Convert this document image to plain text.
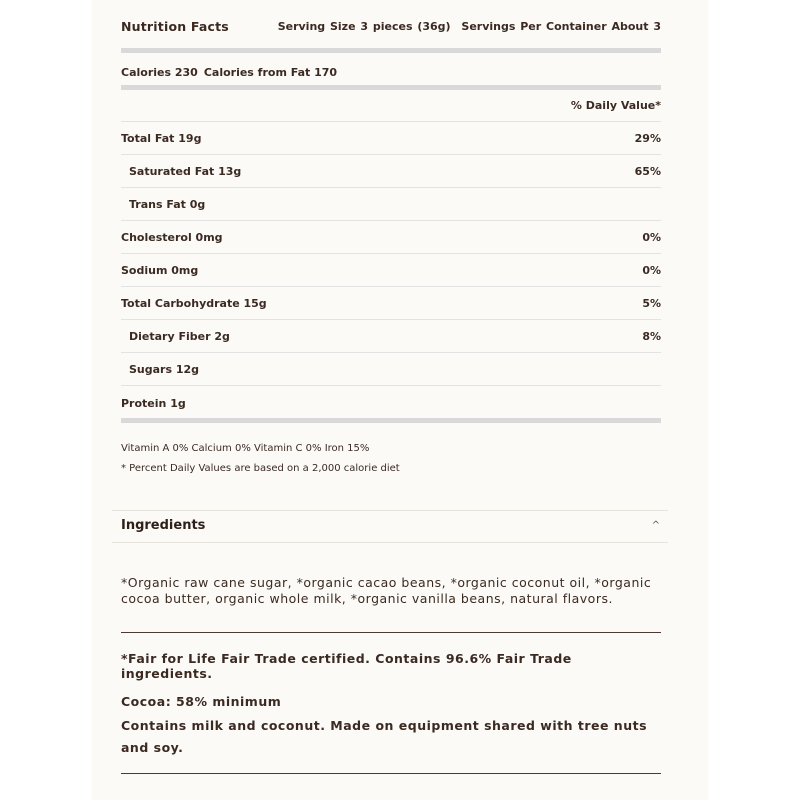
Nutrition Facts	Serving Size 3 pieces (36g) Servings Per Container About 3
Calories 230 Calories from Fat 170
% Daily Value*
Total Fat 19g	29%
Saturated Fat 13g	65%
Trans Fat 0g
Cholesterol 0mg	0%
Sodium 0mg	0%
Total Carbohydrate 15g	5%
Dietary Fiber 2g	8%
Sugars 12g
Protein 1g
Vitamin A 0% Calcium 0% Vitamin C 0% Iron 15%
* Percent Daily Values are based on a 2,000 calorie diet
Ingredients	^
*Organic raw cane sugar, *organic cacao beans, *organic coconut oil, *organic cocoa butter, organic whole milk, *organic vanilla beans, natural flavors.
*Fair for Life Fair Trade certified. Contains 96.6% Fair Trade ingredients.
Cocoa: 58% minimum
Contains milk and coconut. Made on equipment shared with tree nuts and soy.
